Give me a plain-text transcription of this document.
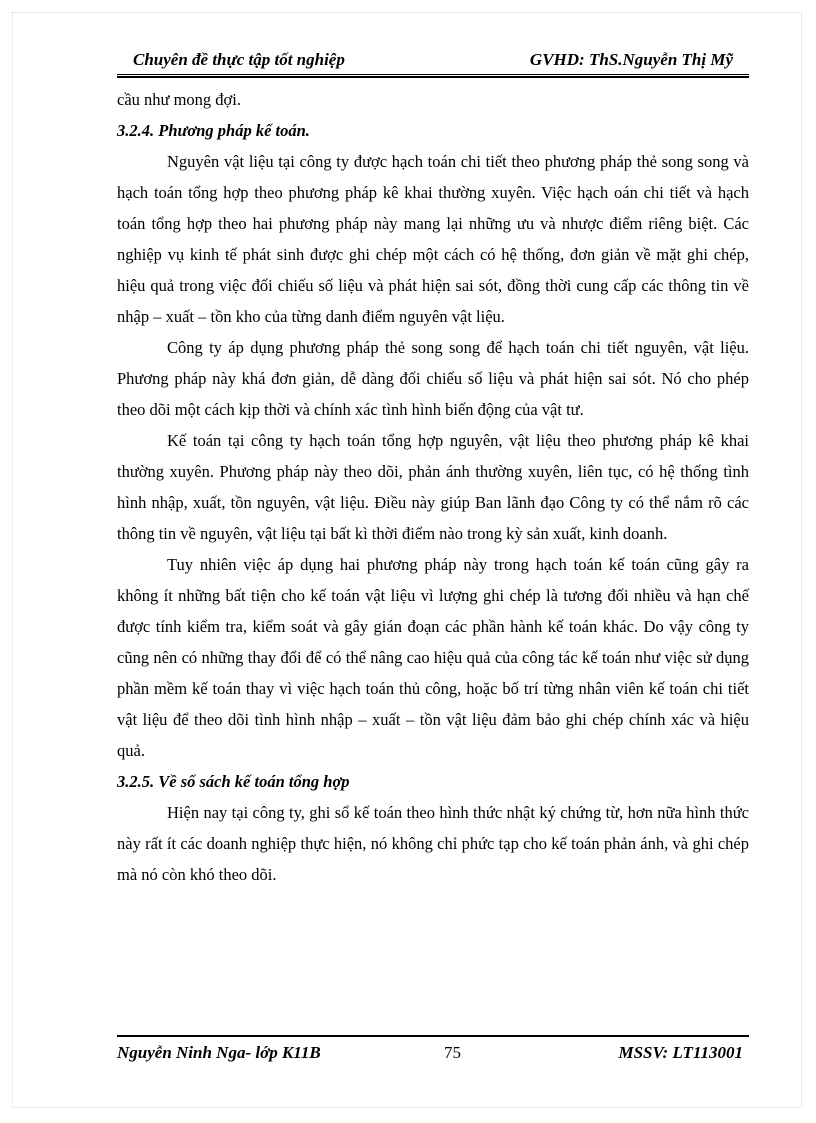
Chuyên đề thực tập tốt nghiệp	GVHD: ThS.Nguyễn Thị Mỹ

cầu như mong đợi.

3.2.4. Phương pháp kế toán.

Nguyên vật liệu tại công ty được hạch toán chi tiết theo phương pháp thẻ song song và hạch toán tổng hợp theo phương pháp kê khai thường xuyên. Việc hạch oán chi tiết và hạch toán tổng hợp theo hai phương pháp này mang lại những ưu và nhược điểm riêng biệt. Các nghiệp vụ kinh tế phát sinh được ghi chép một cách có hệ thống, đơn giản về mặt ghi chép, hiệu quả trong việc đối chiếu số liệu và phát hiện sai sót, đồng thời cung cấp các thông tin về nhập – xuất – tồn kho của từng danh điểm nguyên vật liệu.

Công ty áp dụng phương pháp thẻ song song để hạch toán chi tiết nguyên, vật liệu. Phương pháp này khá đơn giản, dễ dàng đối chiếu số liệu và phát hiện sai sót. Nó cho phép theo dõi một cách kịp thời và chính xác tình hình biến động của vật tư.

Kế toán tại công ty hạch toán tổng hợp nguyên, vật liệu theo phương pháp kê khai thường xuyên. Phương pháp này theo dõi, phản ánh thường xuyên, liên tục, có hệ thống tình hình nhập, xuất, tồn nguyên, vật liệu. Điều này giúp Ban lãnh đạo Công ty có thể nắm rõ các thông tin về nguyên, vật liệu tại bất kì thời điểm nào trong kỳ sản xuất, kinh doanh.

Tuy nhiên việc áp dụng hai phương pháp này trong hạch toán kế toán cũng gây ra không ít những bất tiện cho kế toán vật liệu vì lượng ghi chép là tương đối nhiều và hạn chế được tính kiểm tra, kiểm soát và gây gián đoạn các phần hành kế toán khác. Do vậy công ty cũng nên có những thay đổi để có thể nâng cao hiệu quả của công tác kế toán như việc sử dụng phần mềm kế toán thay vì việc hạch toán thủ công, hoặc bố trí từng nhân viên kế toán chi tiết vật liệu để theo dõi tình hình nhập – xuất – tồn vật liệu đảm bảo ghi chép chính xác và hiệu quả.

3.2.5. Về sổ sách kế toán tổng hợp

Hiện nay tại công ty, ghi sổ kế toán theo hình thức nhật ký chứng từ, hơn nữa hình thức này rất ít các doanh nghiệp thực hiện, nó không chỉ phức tạp cho kế toán phản ánh, và ghi chép mà nó còn khó theo dõi.

Nguyễn Ninh Nga- lớp K11B	75	MSSV: LT113001
